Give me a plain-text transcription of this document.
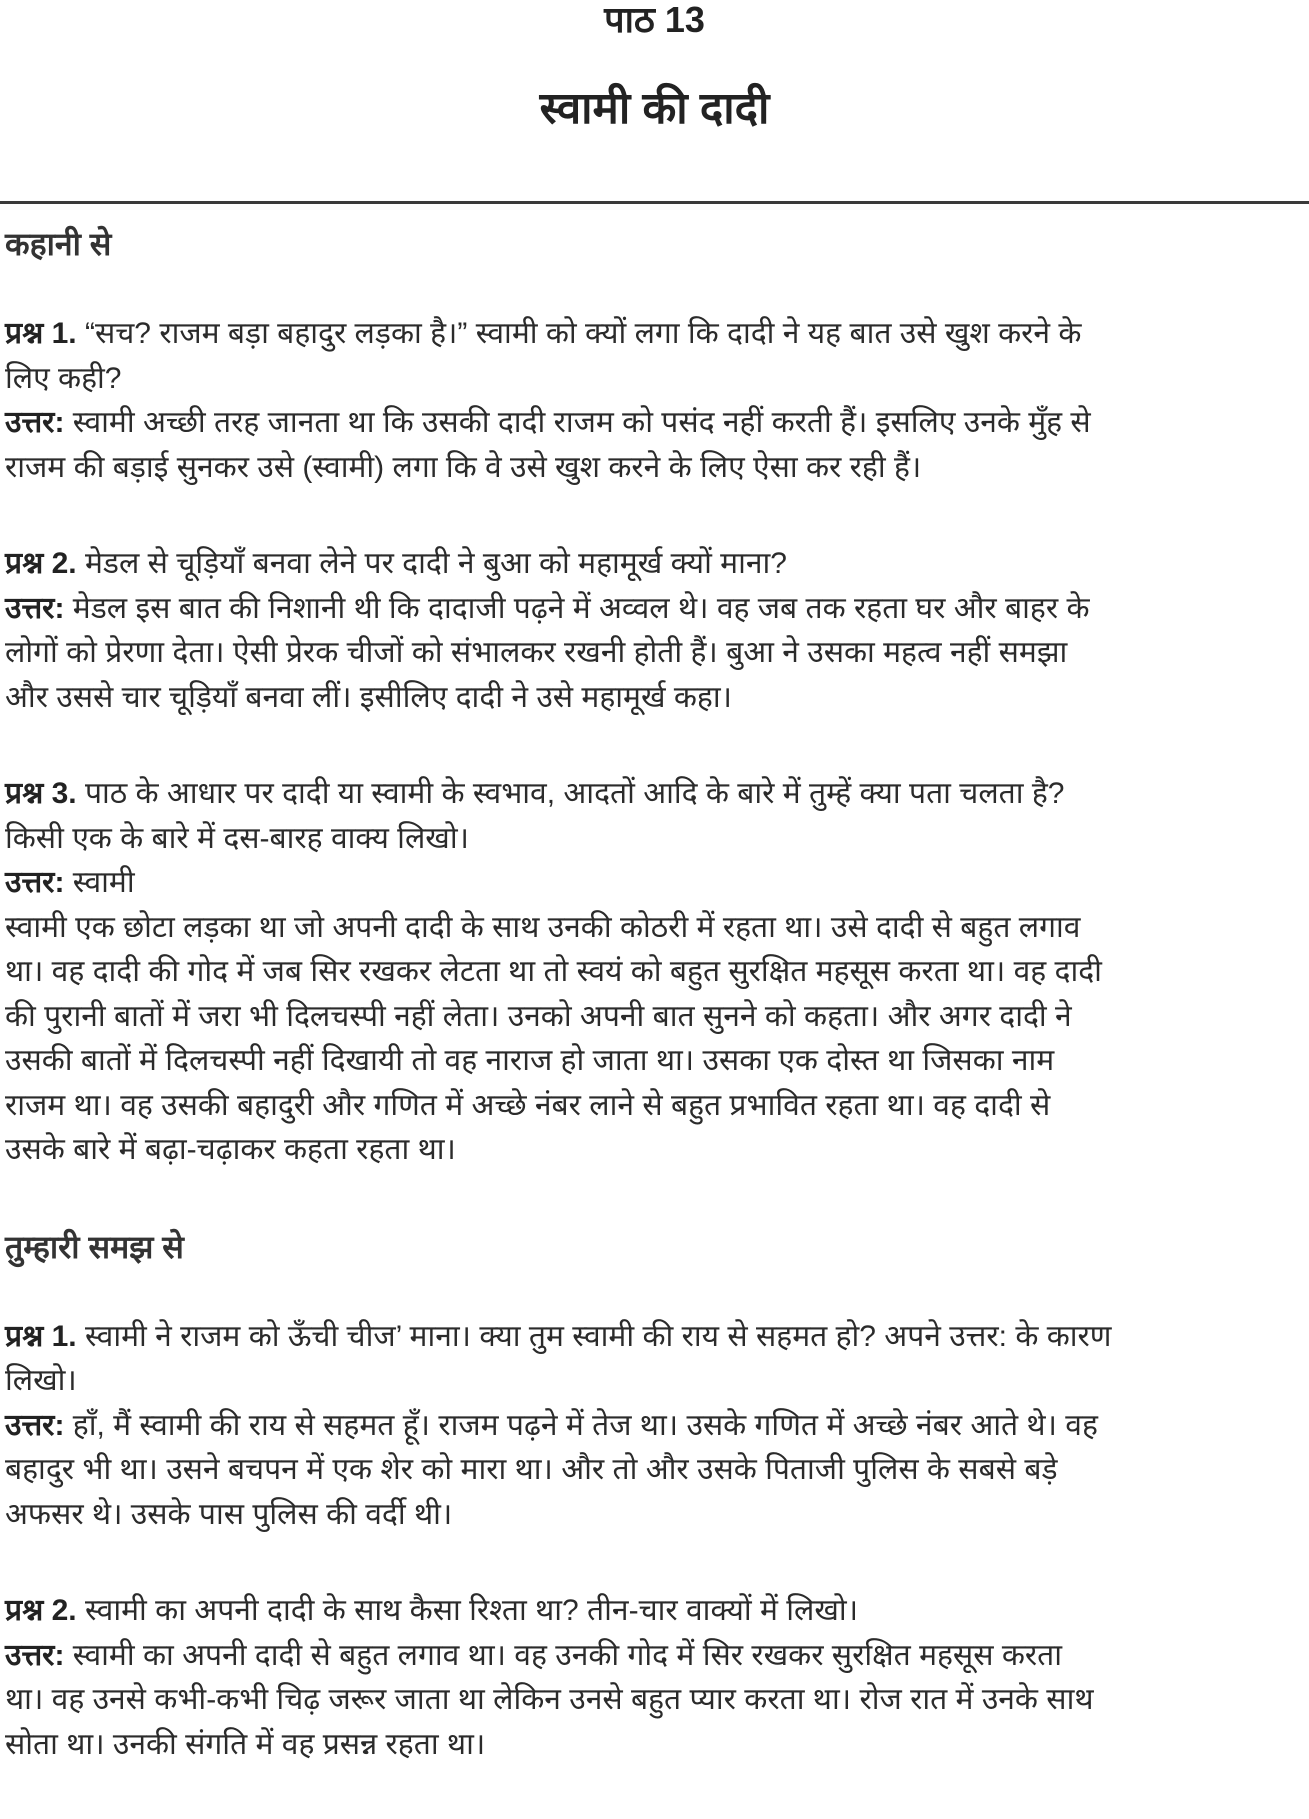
पाठ 13
स्वामी की दादी
कहानी से
प्रश्न 1. “सच? राजम बड़ा बहादुर लड़का है।” स्वामी को क्यों लगा कि दादी ने यह बात उसे खुश करने के
लिए कही?
उत्तर: स्वामी अच्छी तरह जानता था कि उसकी दादी राजम को पसंद नहीं करती हैं। इसलिए उनके मुँह से
राजम की बड़ाई सुनकर उसे (स्वामी) लगा कि वे उसे खुश करने के लिए ऐसा कर रही हैं।
प्रश्न 2. मेडल से चूड़ियाँ बनवा लेने पर दादी ने बुआ को महामूर्ख क्यों माना?
उत्तर: मेडल इस बात की निशानी थी कि दादाजी पढ़ने में अव्वल थे। वह जब तक रहता घर और बाहर के
लोगों को प्रेरणा देता। ऐसी प्रेरक चीजों को संभालकर रखनी होती हैं। बुआ ने उसका महत्व नहीं समझा
और उससे चार चूड़ियाँ बनवा लीं। इसीलिए दादी ने उसे महामूर्ख कहा।
प्रश्न 3. पाठ के आधार पर दादी या स्वामी के स्वभाव, आदतों आदि के बारे में तुम्हें क्या पता चलता है?
किसी एक के बारे में दस-बारह वाक्य लिखो।
उत्तर: स्वामी
स्वामी एक छोटा लड़का था जो अपनी दादी के साथ उनकी कोठरी में रहता था। उसे दादी से बहुत लगाव
था। वह दादी की गोद में जब सिर रखकर लेटता था तो स्वयं को बहुत सुरक्षित महसूस करता था। वह दादी
की पुरानी बातों में जरा भी दिलचस्पी नहीं लेता। उनको अपनी बात सुनने को कहता। और अगर दादी ने
उसकी बातों में दिलचस्पी नहीं दिखायी तो वह नाराज हो जाता था। उसका एक दोस्त था जिसका नाम
राजम था। वह उसकी बहादुरी और गणित में अच्छे नंबर लाने से बहुत प्रभावित रहता था। वह दादी से
उसके बारे में बढ़ा-चढ़ाकर कहता रहता था।
तुम्हारी समझ से
प्रश्न 1. स्वामी ने राजम को ऊँची चीज’ माना। क्या तुम स्वामी की राय से सहमत हो? अपने उत्तर: के कारण
लिखो।
उत्तर: हाँ, मैं स्वामी की राय से सहमत हूँ। राजम पढ़ने में तेज था। उसके गणित में अच्छे नंबर आते थे। वह
बहादुर भी था। उसने बचपन में एक शेर को मारा था। और तो और उसके पिताजी पुलिस के सबसे बड़े
अफसर थे। उसके पास पुलिस की वर्दी थी।
प्रश्न 2. स्वामी का अपनी दादी के साथ कैसा रिश्ता था? तीन-चार वाक्यों में लिखो।
उत्तर: स्वामी का अपनी दादी से बहुत लगाव था। वह उनकी गोद में सिर रखकर सुरक्षित महसूस करता
था। वह उनसे कभी-कभी चिढ़ जरूर जाता था लेकिन उनसे बहुत प्यार करता था। रोज रात में उनके साथ
सोता था। उनकी संगति में वह प्रसन्न रहता था।
